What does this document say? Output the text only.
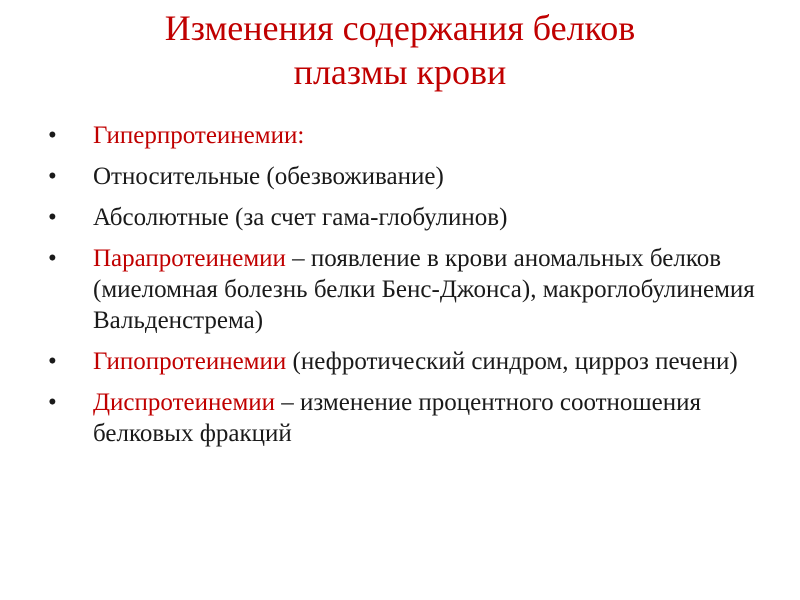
Изменения содержания белков
плазмы крови
• Гиперпротеинемии:
• Относительные (обезвоживание)
• Абсолютные (за счет гама-глобулинов)
• Парапротеинемии – появление в крови аномальных белков (миеломная болезнь белки Бенс-Джонса), макроглобулинемия Вальденстрема)
• Гипопротеинемии (нефротический синдром, цирроз печени)
• Диспротеинемии – изменение процентного соотношения белковых фракций
